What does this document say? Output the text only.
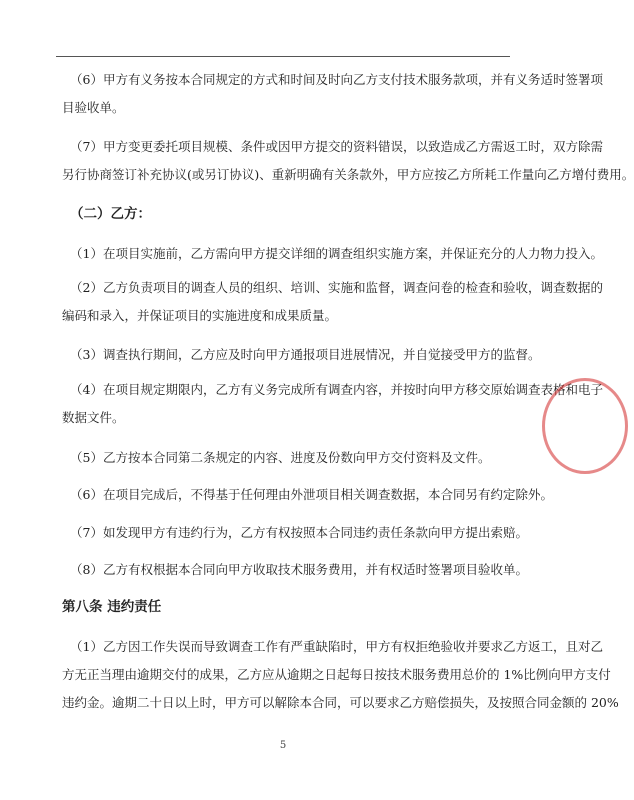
（6）甲方有义务按本合同规定的方式和时间及时向乙方支付技术服务款项，并有义务适时签署项
目验收单。
（7）甲方变更委托项目规模、条件或因甲方提交的资料错误，以致造成乙方需返工时，双方除需
另行协商签订补充协议(或另订协议)、重新明确有关条款外，甲方应按乙方所耗工作量向乙方增付费用。
（二）乙方：
（1）在项目实施前，乙方需向甲方提交详细的调查组织实施方案，并保证充分的人力物力投入。
（2）乙方负责项目的调查人员的组织、培训、实施和监督，调查问卷的检查和验收，调查数据的
编码和录入，并保证项目的实施进度和成果质量。
（3）调查执行期间，乙方应及时向甲方通报项目进展情况，并自觉接受甲方的监督。
（4）在项目规定期限内，乙方有义务完成所有调查内容，并按时向甲方移交原始调查表格和电子
数据文件。
（5）乙方按本合同第二条规定的内容、进度及份数向甲方交付资料及文件。
（6）在项目完成后，不得基于任何理由外泄项目相关调查数据，本合同另有约定除外。
（7）如发现甲方有违约行为，乙方有权按照本合同违约责任条款向甲方提出索赔。
（8）乙方有权根据本合同向甲方收取技术服务费用，并有权适时签署项目验收单。
第八条 违约责任
（1）乙方因工作失误而导致调查工作有严重缺陷时，甲方有权拒绝验收并要求乙方返工，且对乙
方无正当理由逾期交付的成果，乙方应从逾期之日起每日按技术服务费用总价的 1%比例向甲方支付
违约金。逾期二十日以上时，甲方可以解除本合同，可以要求乙方赔偿损失，及按照合同金额的 20%
5
